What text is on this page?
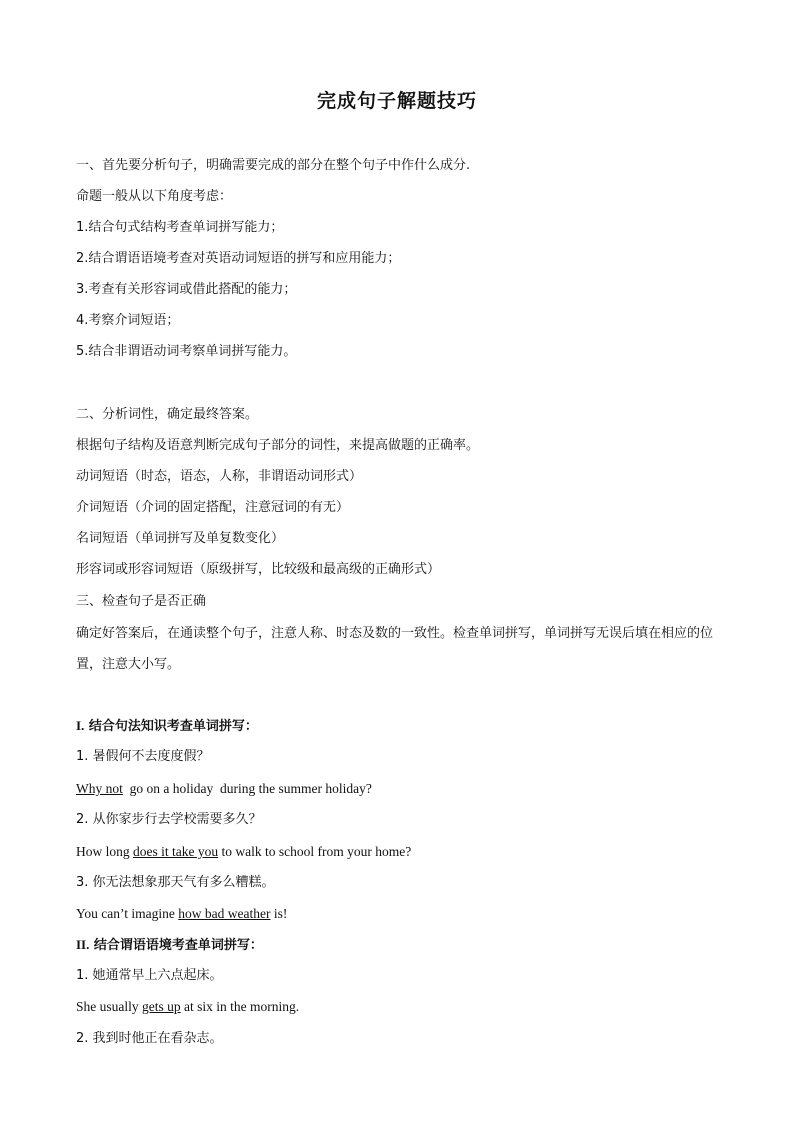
完成句子解题技巧
一、首先要分析句子，明确需要完成的部分在整个句子中作什么成分.
命题一般从以下角度考虑：
1.结合句式结构考查单词拼写能力；
2.结合谓语语境考查对英语动词短语的拼写和应用能力；
3.考查有关形容词或借此搭配的能力；
4.考察介词短语；
5.结合非谓语动词考察单词拼写能力。
二、分析词性，确定最终答案。
根据句子结构及语意判断完成句子部分的词性，来提高做题的正确率。
动词短语（时态，语态，人称，非谓语动词形式）
介词短语（介词的固定搭配，注意冠词的有无）
名词短语（单词拼写及单复数变化）
形容词或形容词短语（原级拼写，比较级和最高级的正确形式）
三、检查句子是否正确
确定好答案后，在通读整个句子，注意人称、时态及数的一致性。检查单词拼写，单词拼写无误后填在相应的位置，注意大小写。
I. 结合句法知识考查单词拼写：
1. 暑假何不去度度假？
Why not  go on a holiday  during the summer holiday?
2. 从你家步行去学校需要多久？
How long does it take you to walk to school from your home?
3. 你无法想象那天气有多么糟糕。
You can’t imagine how bad weather is!
II. 结合谓语语境考查单词拼写：
1. 她通常早上六点起床。
She usually gets up at six in the morning.
2. 我到时他正在看杂志。
